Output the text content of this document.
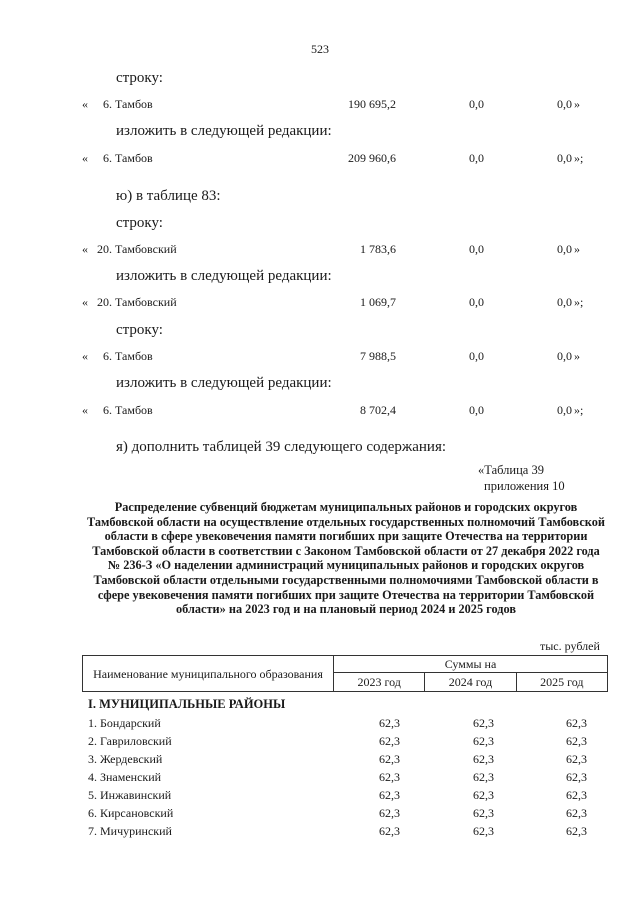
523
строку:
« 6. Тамбов	190 695,2	0,0	0,0 »
изложить в следующей редакции:
« 6. Тамбов	209 960,6	0,0	0,0 »;
ю) в таблице 83:
строку:
« 20. Тамбовский	1 783,6	0,0	0,0 »
изложить в следующей редакции:
« 20. Тамбовский	1 069,7	0,0	0,0 »;
строку:
« 6. Тамбов	7 988,5	0,0	0,0 »
изложить в следующей редакции:
« 6. Тамбов	8 702,4	0,0	0,0 »;
я) дополнить таблицей 39 следующего содержания:
«Таблица 39
приложения 10
Распределение субвенций бюджетам муниципальных районов и городских округов Тамбовской области на осуществление отдельных государственных полномочий Тамбовской области в сфере увековечения памяти погибших при защите Отечества на территории Тамбовской области в соответствии с Законом Тамбовской области от 27 декабря 2022 года № 236-З «О наделении администраций муниципальных районов и городских округов Тамбовской области отдельными государственными полномочиями Тамбовской области в сфере увековечения памяти погибших при защите Отечества на территории Тамбовской области» на 2023 год и на плановый период 2024 и 2025 годов
тыс. рублей
Наименование муниципального образования	Суммы на		
	2023 год	2024 год	2025 год
I. МУНИЦИПАЛЬНЫЕ РАЙОНЫ
1. Бондарский	62,3	62,3	62,3
2. Гавриловский	62,3	62,3	62,3
3. Жердевский	62,3	62,3	62,3
4. Знаменский	62,3	62,3	62,3
5. Инжавинский	62,3	62,3	62,3
6. Кирсановский	62,3	62,3	62,3
7. Мичуринский	62,3	62,3	62,3
